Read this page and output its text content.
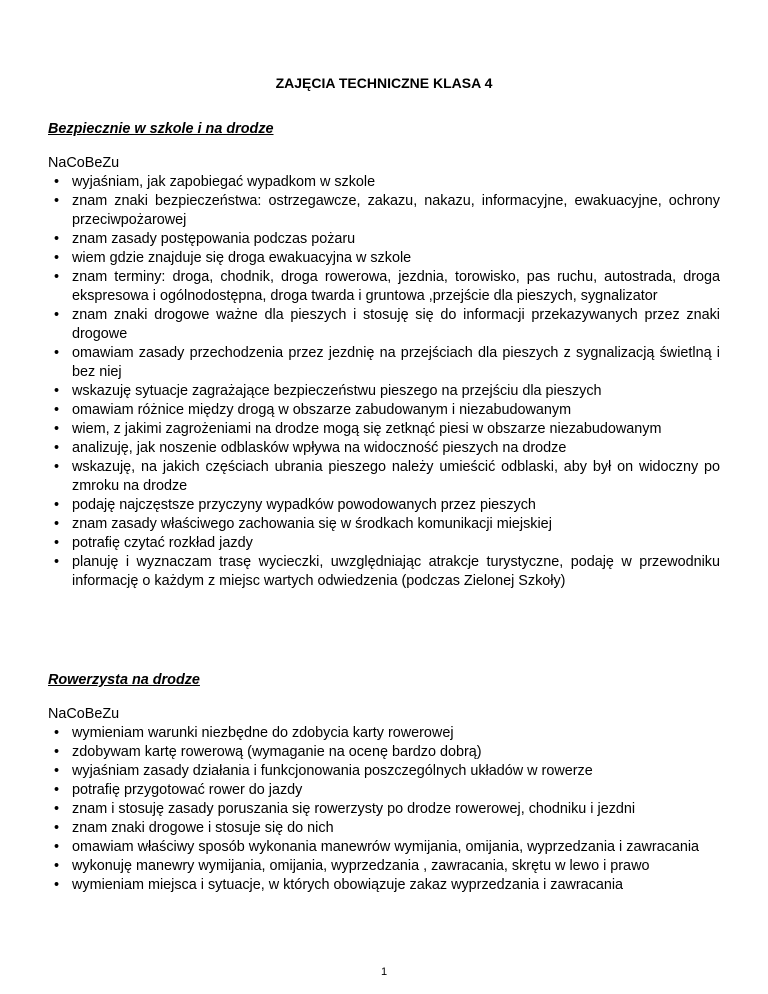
ZAJĘCIA TECHNICZNE KLASA 4

Bezpiecznie w szkole i na drodze

NaCoBeZu

• wyjaśniam, jak zapobiegać wypadkom w szkole
• znam znaki bezpieczeństwa: ostrzegawcze, zakazu, nakazu, informacyjne, ewakuacyjne, ochrony przeciwpożarowej
• znam zasady postępowania podczas pożaru
• wiem gdzie znajduje się droga ewakuacyjna w szkole
• znam terminy: droga, chodnik, droga rowerowa, jezdnia, torowisko, pas ruchu, autostrada, droga ekspresowa i ogólnodostępna, droga twarda i gruntowa ,przejście dla pieszych, sygnalizator
• znam znaki drogowe ważne dla pieszych i stosuję się do informacji przekazywanych przez znaki drogowe
• omawiam zasady przechodzenia przez jezdnię na przejściach dla pieszych z sygnalizacją świetlną i bez niej
• wskazuję sytuacje zagrażające bezpieczeństwu pieszego na przejściu dla pieszych
• omawiam różnice między drogą w obszarze zabudowanym i niezabudowanym
• wiem, z jakimi zagrożeniami na drodze mogą się zetknąć piesi w obszarze niezabudowanym
• analizuję, jak noszenie odblasków wpływa na widoczność pieszych na drodze
• wskazuję, na jakich częściach ubrania pieszego należy umieścić odblaski, aby był on widoczny po zmroku na drodze
• podaję najczęstsze przyczyny wypadków powodowanych przez pieszych
• znam zasady właściwego zachowania się w środkach komunikacji miejskiej
• potrafię czytać rozkład jazdy
• planuję i wyznaczam trasę wycieczki, uwzględniając atrakcje turystyczne, podaję w przewodniku informację o każdym z miejsc wartych odwiedzenia (podczas Zielonej Szkoły)

Rowerzysta na drodze

NaCoBeZu

• wymieniam warunki niezbędne do zdobycia karty rowerowej
• zdobywam kartę rowerową (wymaganie na ocenę bardzo dobrą)
• wyjaśniam zasady działania i funkcjonowania poszczególnych układów w rowerze
• potrafię przygotować rower do jazdy
• znam i stosuję zasady poruszania się rowerzysty po drodze rowerowej, chodniku i jezdni
• znam znaki drogowe i stosuje się do nich
• omawiam właściwy sposób wykonania manewrów wymijania, omijania, wyprzedzania i zawracania
• wykonuję manewry wymijania, omijania, wyprzedzania , zawracania, skrętu w lewo i prawo
• wymieniam miejsca i sytuacje, w których obowiązuje zakaz wyprzedzania i zawracania
1
